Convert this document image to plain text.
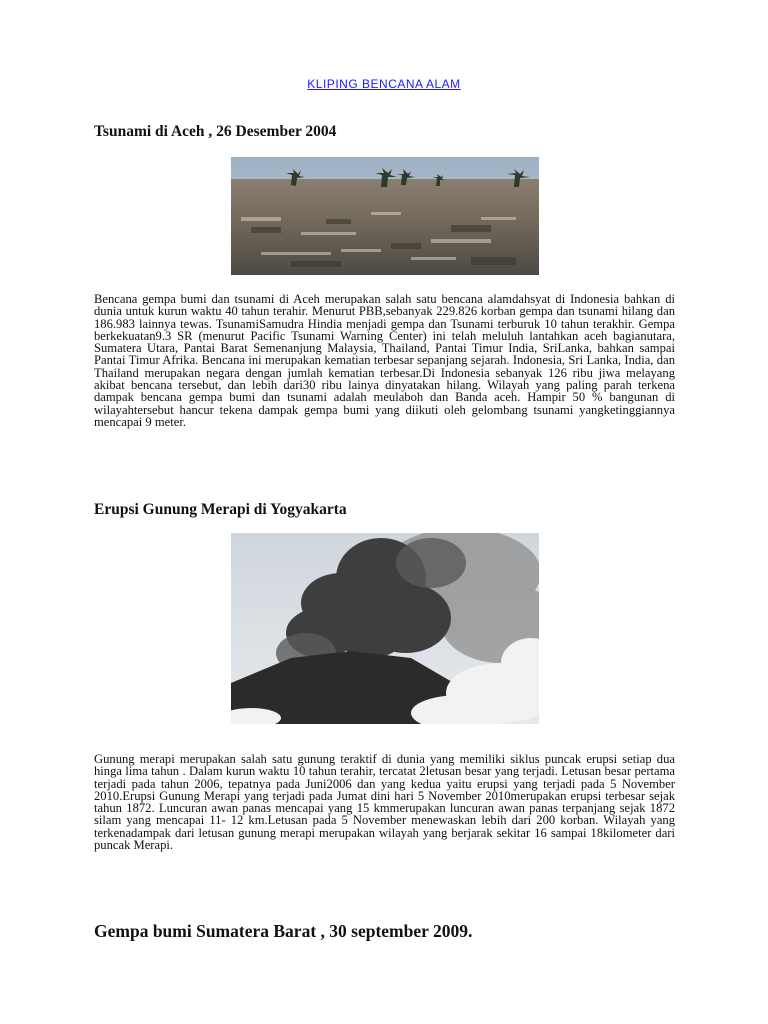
KLIPING BENCANA ALAM
Tsunami di Aceh , 26 Desember 2004

Bencana gempa bumi dan tsunami di Aceh merupakan salah satu bencana alamdahsyat di Indonesia bahkan di dunia untuk kurun waktu 40 tahun terahir. Menurut PBB,sebanyak 229.826 korban gempa dan tsunami hilang dan 186.983 lainnya tewas. TsunamiSamudra Hindia menjadi gempa dan Tsunami terburuk 10 tahun terakhir. Gempa berkekuatan9.3 SR (menurut Pacific Tsunami Warning Center) ini telah meluluh lantahkan aceh bagianutara, Sumatera Utara, Pantai Barat Semenanjung Malaysia, Thailand, Pantai Timur India, SriLanka, bahkan sampai Pantai Timur Afrika. Bencana ini merupakan kematian terbesar sepanjang sejarah. Indonesia, Sri Lanka, India, dan Thailand merupakan negara dengan jumlah kematian terbesar.Di Indonesia sebanyak 126 ribu jiwa melayang akibat bencana tersebut, dan lebih dari30 ribu lainya dinyatakan hilang. Wilayah yang paling parah terkena dampak bencana gempa bumi dan tsunami adalah meulaboh dan Banda aceh. Hampir 50 % bangunan di wilayahtersebut hancur tekena dampak gempa bumi yang diikuti oleh gelombang tsunami yangketinggiannya mencapai 9 meter.

Erupsi Gunung Merapi di Yogyakarta

Gunung merapi merupakan salah satu gunung teraktif di dunia yang memiliki siklus puncak erupsi setiap dua hinga lima tahun . Dalam kurun waktu 10 tahun terahir, tercatat 2letusan besar yang terjadi. Letusan besar pertama terjadi pada tahun 2006, tepatnya pada Juni2006 dan yang kedua yaitu erupsi yang terjadi pada 5 November 2010.Erupsi Gunung Merapi yang terjadi pada Jumat dini hari 5 November 2010merupakan erupsi terbesar sejak tahun 1872. Luncuran awan panas mencapai yang 15 kmmerupakan luncuran awan panas terpanjang sejak 1872 silam yang mencapai 11- 12 km.Letusan pada 5 November menewaskan lebih dari 200 korban. Wilayah yang terkenadampak dari letusan gunung merapi merupakan wilayah yang berjarak sekitar 16 sampai 18kilometer dari puncak Merapi.

Gempa bumi Sumatera Barat , 30 september 2009.
